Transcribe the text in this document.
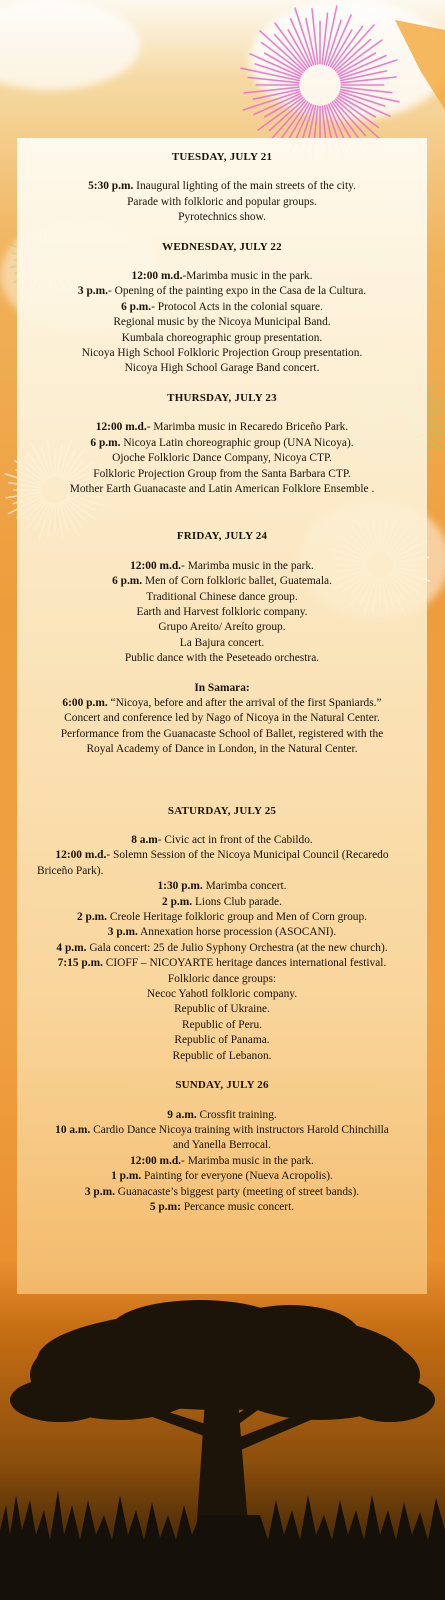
TUESDAY, JULY 21

5:30 p.m. Inaugural lighting of the main streets of the city.

Parade with folkloric and popular groups.

Pyrotechnics show.

WEDNESDAY, JULY 22

12:00 m.d.-Marimba music in the park.

3 p.m.- Opening of the painting expo in the Casa de la Cultura.

6 p.m.- Protocol Acts in the colonial square.

Regional music by the Nicoya Municipal Band.

Kumbala choreographic group presentation.

Nicoya High School Folkloric Projection Group presentation.

Nicoya High School Garage Band concert.

THURSDAY, JULY 23

12:00 m.d.- Marimba music in Recaredo Briceño Park.

6 p.m. Nicoya Latin choreographic group (UNA Nicoya).

Ojoche Folkloric Dance Company, Nicoya CTP.

Folkloric Projection Group from the Santa Barbara CTP.

Mother Earth Guanacaste and Latin American Folklore Ensemble .

FRIDAY, JULY 24

12:00 m.d.- Marimba music in the park.

6 p.m. Men of Corn folkloric ballet, Guatemala.

Traditional Chinese dance group.

Earth and Harvest folkloric company.

Grupo Areito/ Areíto group.

La Bajura concert.

Public dance with the Peseteado orchestra.

In Samara:

6:00 p.m. “Nicoya, before and after the arrival of the first Spaniards.”

Concert and conference led by Nago of Nicoya in the Natural Center.

Performance from the Guanacaste School of Ballet, registered with the

Royal Academy of Dance in London, in the Natural Center.

SATURDAY, JULY 25

8 a.m- Civic act in front of the Cabildo.

12:00 m.d.- Solemn Session of the Nicoya Municipal Council (Recaredo

Briceño Park).

1:30 p.m. Marimba concert.

2 p.m. Lions Club parade.

2 p.m. Creole Heritage folkloric group and Men of Corn group.

3 p.m. Annexation horse procession (ASOCANI).

4 p.m. Gala concert: 25 de Julio Syphony Orchestra (at the new church).

7:15 p.m. CIOFF – NICOYARTE heritage dances international festival.

Folkloric dance groups:

Necoc Yahotl folkloric company.

Republic of Ukraine.

Republic of Peru.

Republic of Panama.

Republic of Lebanon.

SUNDAY, JULY 26

9 a.m. Crossfit training.

10 a.m. Cardio Dance Nicoya training with instructors Harold Chinchilla

and Yanella Berrocal.

12:00 m.d.- Marimba music in the park.

1 p.m. Painting for everyone (Nueva Acropolis).

3 p.m. Guanacaste’s biggest party (meeting of street bands).

5 p.m: Percance music concert.
